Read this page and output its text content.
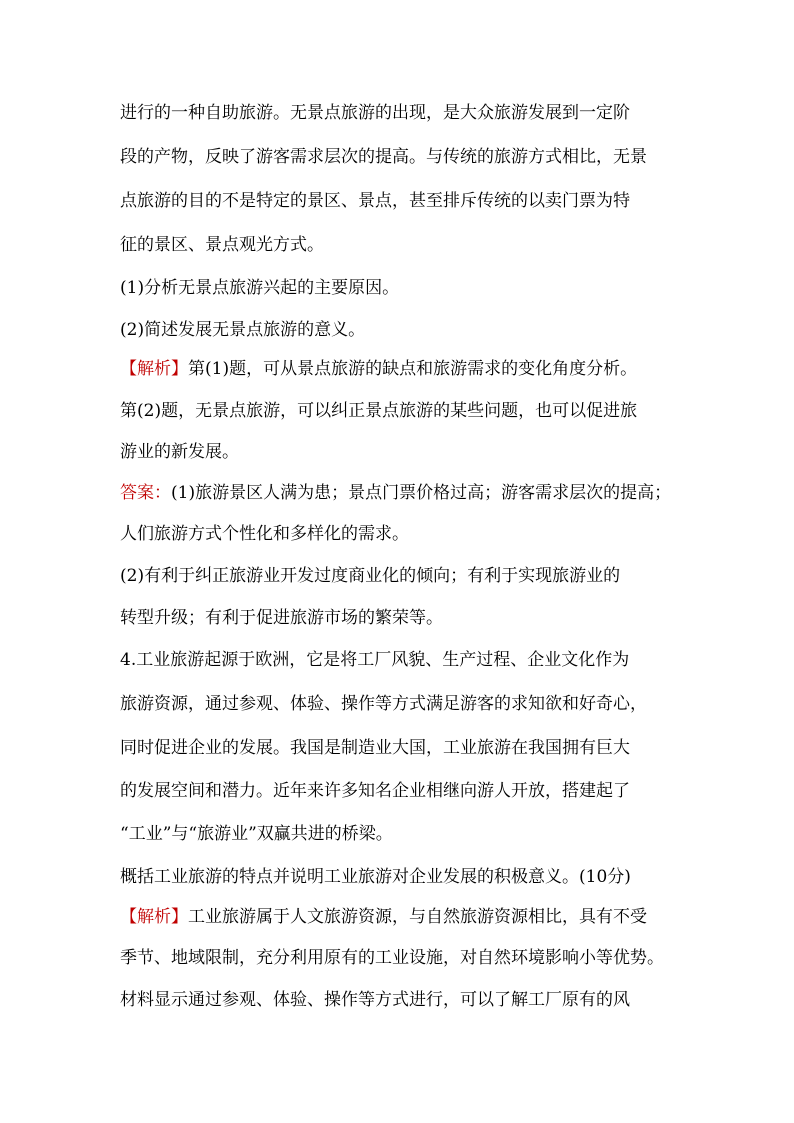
进行的一种自助旅游。无景点旅游的出现，是大众旅游发展到一定阶
段的产物，反映了游客需求层次的提高。与传统的旅游方式相比，无景
点旅游的目的不是特定的景区、景点，甚至排斥传统的以卖门票为特
征的景区、景点观光方式。
(1)分析无景点旅游兴起的主要原因。
(2)简述发展无景点旅游的意义。
【解析】第(1)题，可从景点旅游的缺点和旅游需求的变化角度分析。
第(2)题，无景点旅游，可以纠正景点旅游的某些问题，也可以促进旅
游业的新发展。
答案：(1)旅游景区人满为患；景点门票价格过高；游客需求层次的提高；
人们旅游方式个性化和多样化的需求。
(2)有利于纠正旅游业开发过度商业化的倾向；有利于实现旅游业的
转型升级；有利于促进旅游市场的繁荣等。
4.工业旅游起源于欧洲，它是将工厂风貌、生产过程、企业文化作为
旅游资源，通过参观、体验、操作等方式满足游客的求知欲和好奇心，
同时促进企业的发展。我国是制造业大国，工业旅游在我国拥有巨大
的发展空间和潜力。近年来许多知名企业相继向游人开放，搭建起了
“工业”与“旅游业”双赢共进的桥梁。
概括工业旅游的特点并说明工业旅游对企业发展的积极意义。(10分)
【解析】工业旅游属于人文旅游资源，与自然旅游资源相比，具有不受
季节、地域限制，充分利用原有的工业设施，对自然环境影响小等优势。
材料显示通过参观、体验、操作等方式进行，可以了解工厂原有的风
